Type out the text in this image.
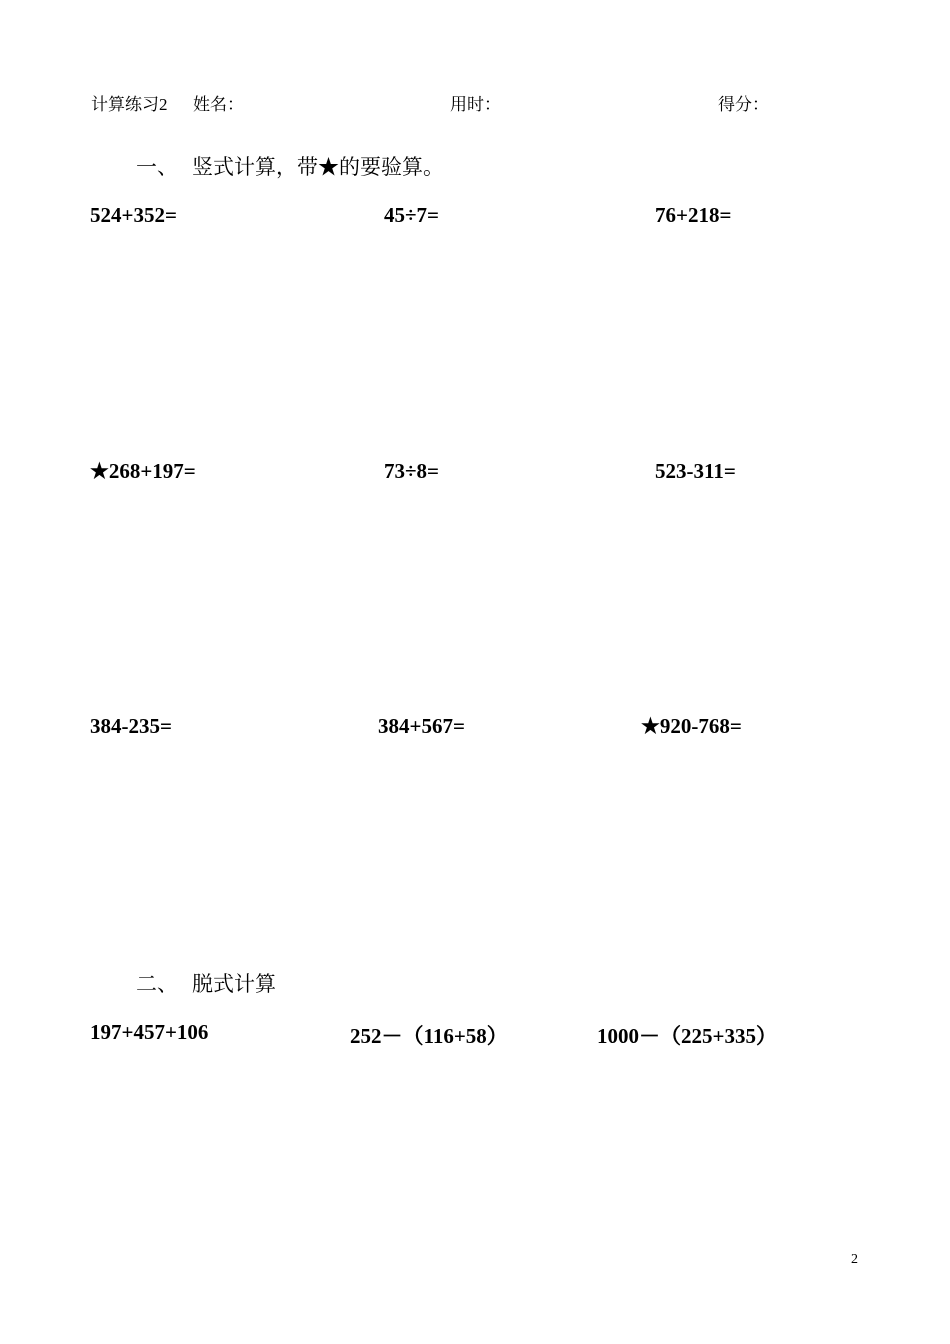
计算练习2 姓名：	用时：	得分：
一、 竖式计算，带★的要验算。
524+352=	45÷7=	76+218=
★268+197=	73÷8=	523-311=
384-235=	384+567=	★920-768=
二、 脱式计算
197+457+106	252－（116+58）	1000－（225+335）
2
